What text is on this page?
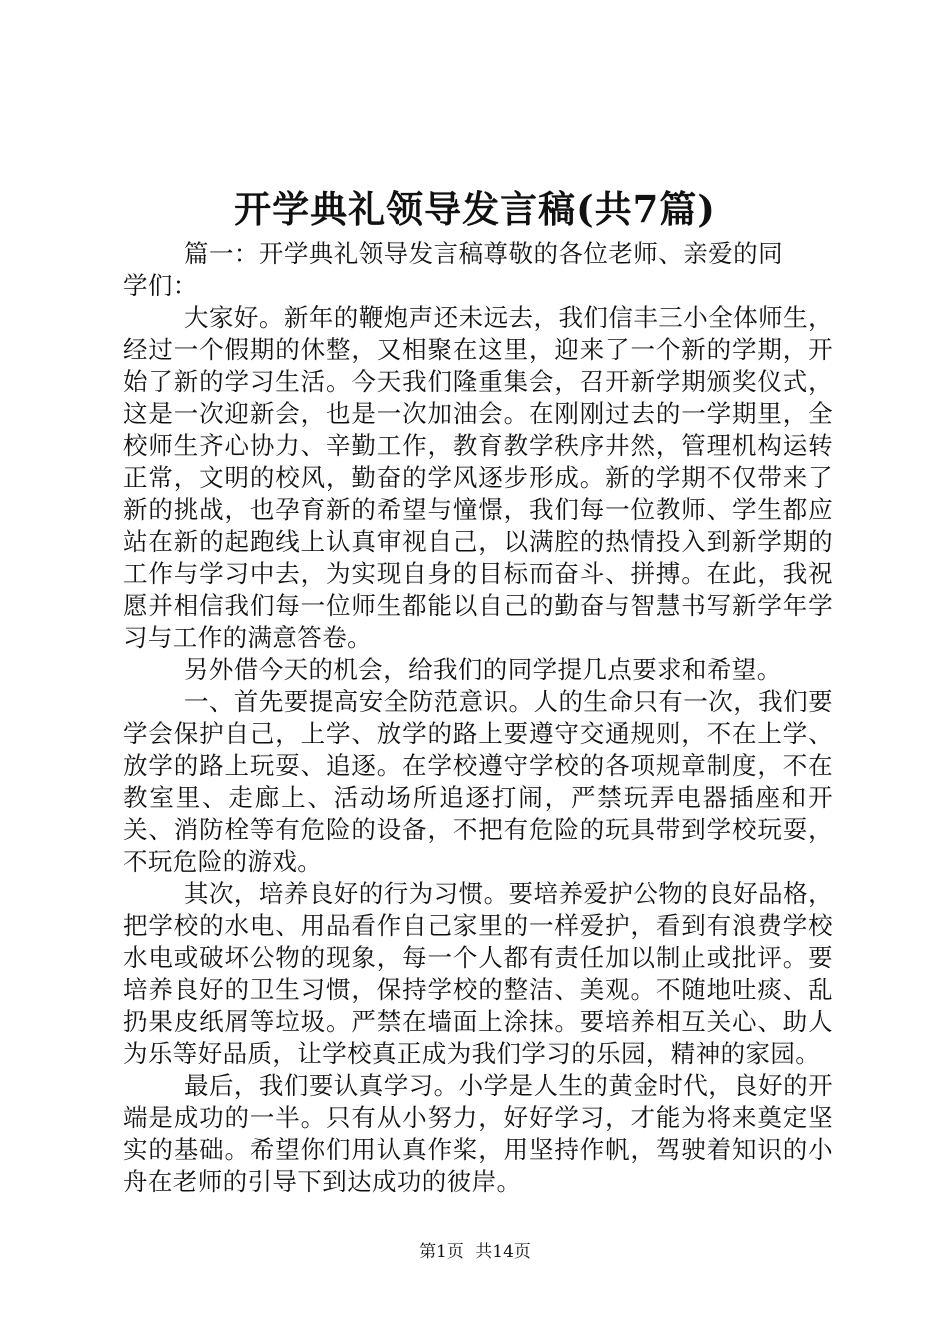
开学典礼领导发言稿(共7篇)

篇一：开学典礼领导发言稿尊敬的各位老师、亲爱的同学们：

大家好。新年的鞭炮声还未远去，我们信丰三小全体师生，经过一个假期的休整，又相聚在这里，迎来了一个新的学期，开始了新的学习生活。今天我们隆重集会，召开新学期颁奖仪式，这是一次迎新会，也是一次加油会。在刚刚过去的一学期里，全校师生齐心协力、辛勤工作，教育教学秩序井然，管理机构运转正常，文明的校风，勤奋的学风逐步形成。新的学期不仅带来了新的挑战，也孕育新的希望与憧憬，我们每一位教师、学生都应站在新的起跑线上认真审视自己，以满腔的热情投入到新学期的工作与学习中去，为实现自身的目标而奋斗、拼搏。在此，我祝愿并相信我们每一位师生都能以自己的勤奋与智慧书写新学年学习与工作的满意答卷。

另外借今天的机会，给我们的同学提几点要求和希望。

一、首先要提高安全防范意识。人的生命只有一次，我们要学会保护自己，上学、放学的路上要遵守交通规则，不在上学、放学的路上玩耍、追逐。在学校遵守学校的各项规章制度，不在教室里、走廊上、活动场所追逐打闹，严禁玩弄电器插座和开关、消防栓等有危险的设备，不把有危险的玩具带到学校玩耍，不玩危险的游戏。

其次，培养良好的行为习惯。要培养爱护公物的良好品格，把学校的水电、用品看作自己家里的一样爱护，看到有浪费学校水电或破坏公物的现象，每一个人都有责任加以制止或批评。要培养良好的卫生习惯，保持学校的整洁、美观。不随地吐痰、乱扔果皮纸屑等垃圾。严禁在墙面上涂抹。要培养相互关心、助人为乐等好品质，让学校真正成为我们学习的乐园，精神的家园。

最后，我们要认真学习。小学是人生的黄金时代，良好的开端是成功的一半。只有从小努力，好好学习，才能为将来奠定坚实的基础。希望你们用认真作桨，用坚持作帆，驾驶着知识的小舟在老师的引导下到达成功的彼岸。

第1页 共14页
